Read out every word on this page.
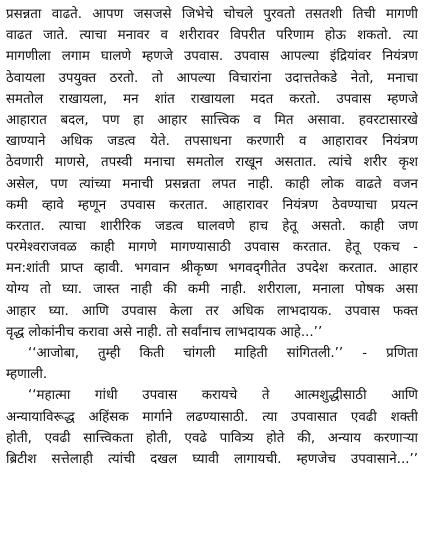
प्रसन्नता वाढते. आपण जसजसे जिभेचे चोचले पुरवतो तसतशी तिची मागणी
वाढत जाते. त्याचा मनावर व शरीरावर विपरीत परिणाम होऊ शकतो. त्या
मागणीला लगाम घालणे म्हणजे उपवास. उपवास आपल्या इंद्रियांवर नियंत्रण
ठेवायला उपयुक्त ठरतो. तो आपल्या विचारांना उदात्ततेकडे नेतो, मनाचा
समतोल राखायला, मन शांत राखायला मदत करतो. उपवास म्हणजे
आहारात बदल, पण हा आहार सात्त्विक व मित असावा. हवरटासारखे
खाण्याने अधिक जडत्व येते. तपसाधना करणारी व आहारावर नियंत्रण
ठेवणारी माणसे, तपस्वी मनाचा समतोल राखून असतात. त्यांचे शरीर कृश
असेल, पण त्यांच्या मनाची प्रसन्नता लपत नाही. काही लोक वाढते वजन
कमी व्हावे म्हणून उपवास करतात. आहारावर नियंत्रण ठेवण्याचा प्रयत्न
करतात. त्याचा शारीरिक जडत्व घालवणे हाच हेतू असतो. काही जण
परमेश्वराजवळ काही मागणे मागण्यासाठी उपवास करतात. हेतू एकच -
मन:शांती प्राप्त व्हावी. भगवान श्रीकृष्ण भगवद्‌गीतेत उपदेश करतात. आहार
योग्य तो घ्या. जास्त नाही की कमी नाही. शरीराला, मनाला पोषक असा
आहार घ्या. आणि उपवास केला तर अधिक लाभदायक. उपवास फक्त
वृद्ध लोकांनीच करावा असे नाही. तो सर्वांनाच लाभदायक आहे...’’
‘‘आजोबा, तुम्ही किती चांगली माहिती सांगितली.’’ - प्रणिता
म्हणाली.
‘‘महात्मा गांधी उपवास करायचे ते आत्मशुद्धीसाठी आणि
अन्यायाविरूद्ध अहिंसक मार्गाने लढण्यासाठी. त्या उपवासात एवढी शक्ती
होती, एवढी सात्त्विकता होती, एवढे पावित्र्य होते की, अन्याय करणाऱ्या
ब्रिटीश सत्तेलाही त्यांची दखल घ्यावी लागायची. म्हणजेच उपवासाने...’’
